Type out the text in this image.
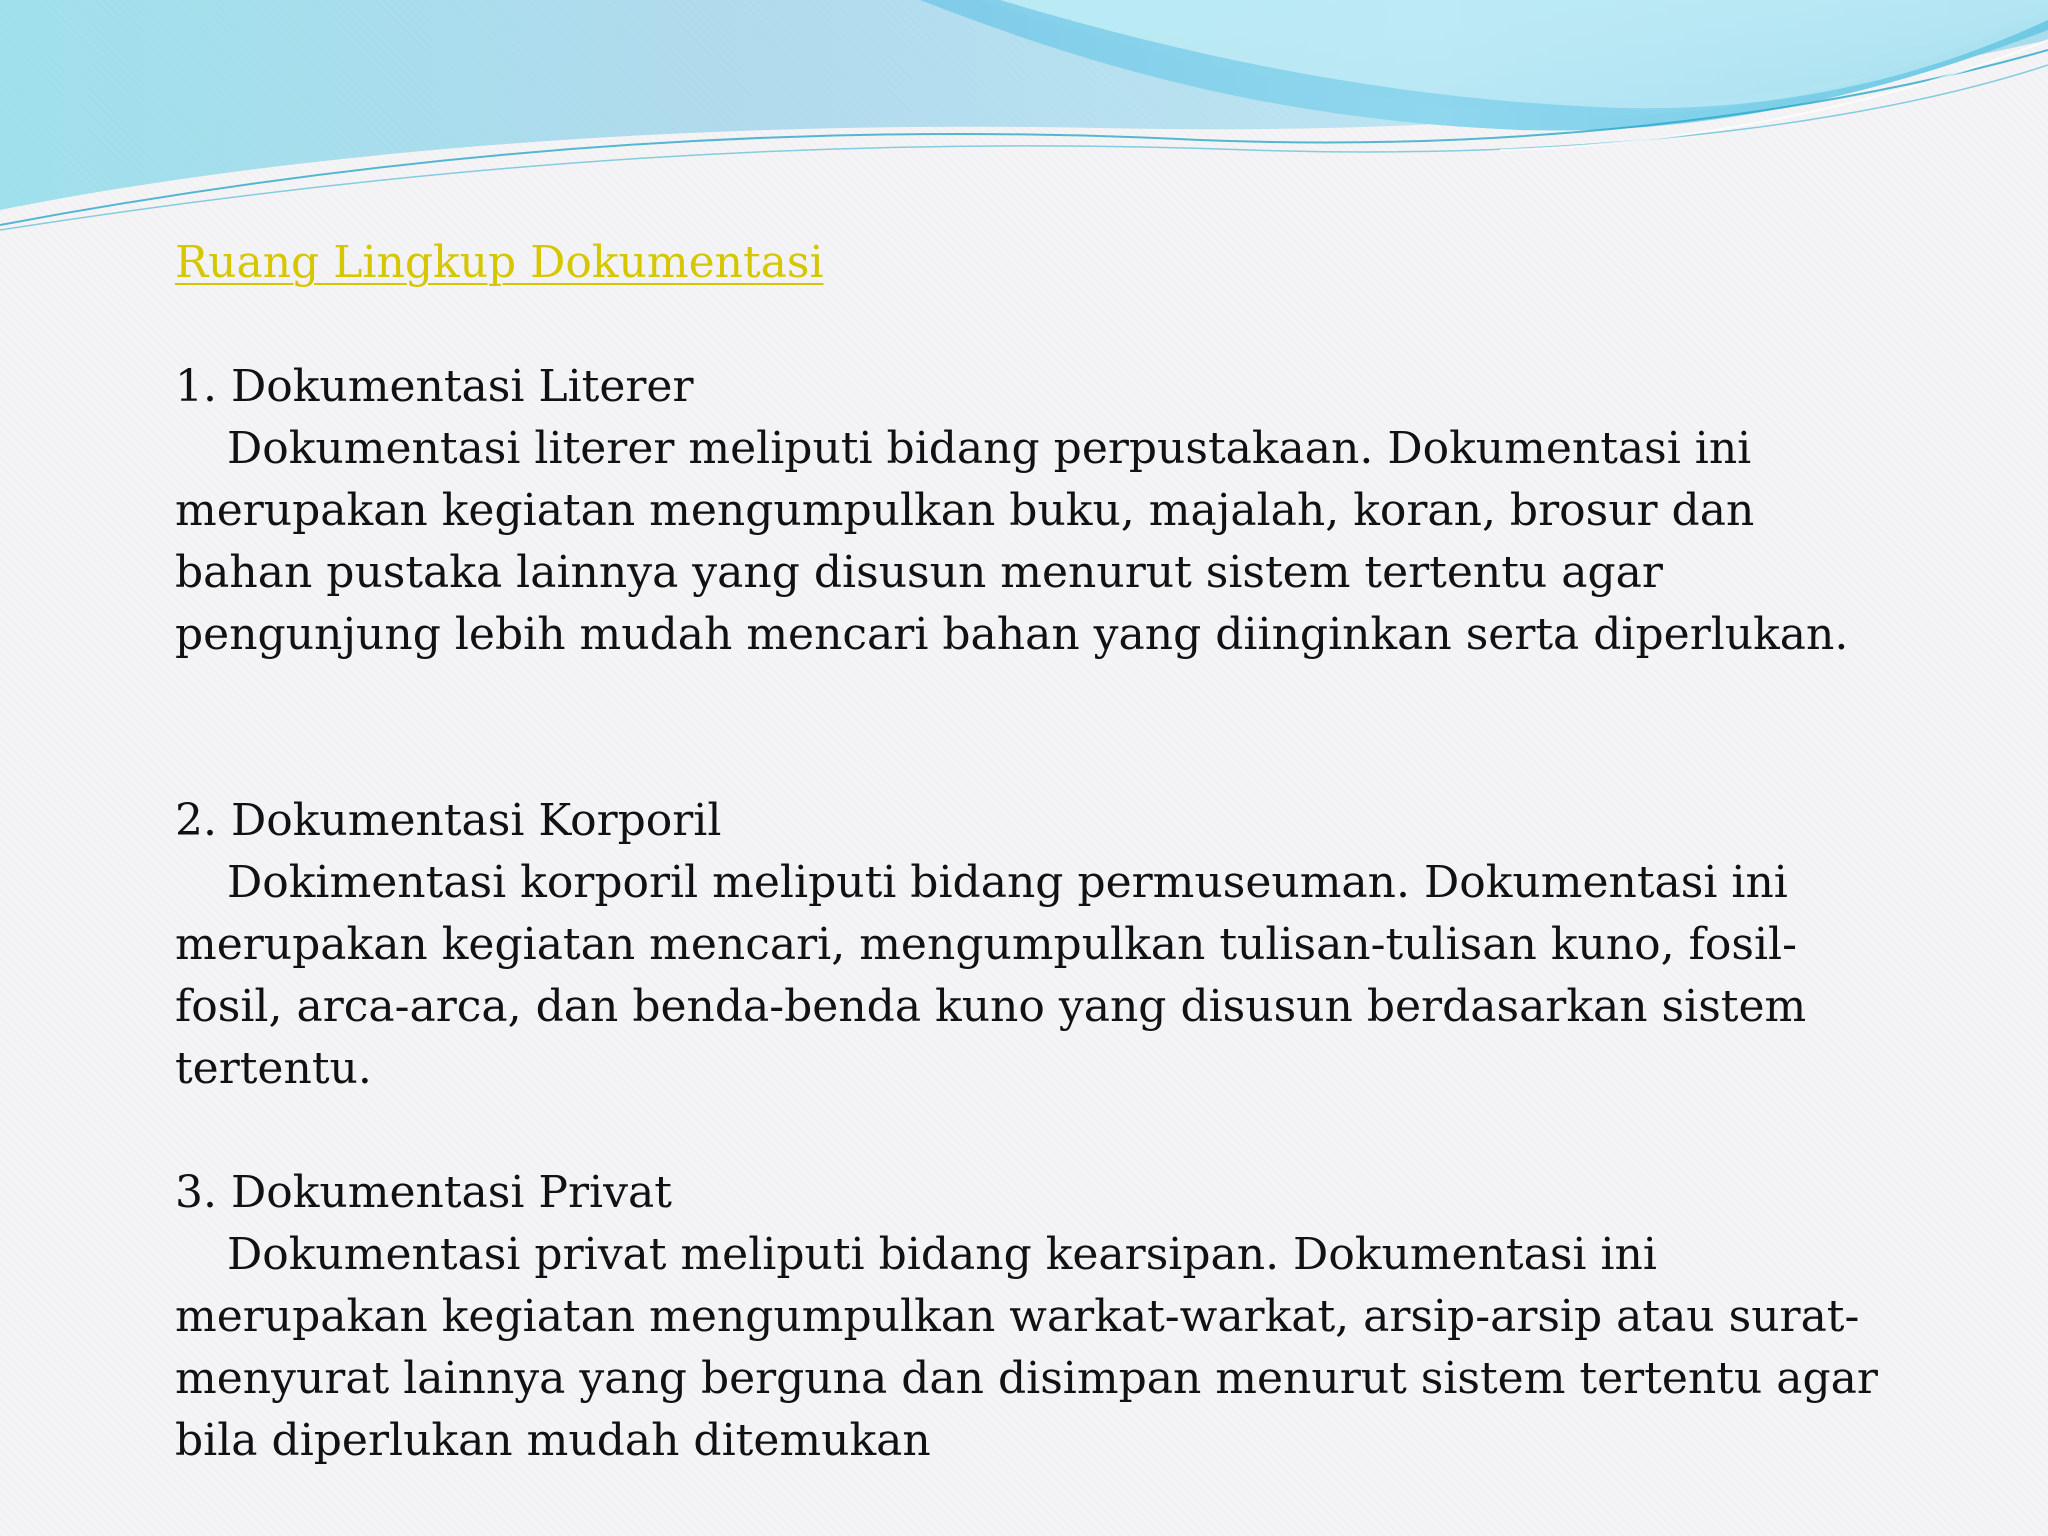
Ruang Lingkup Dokumentasi
1. Dokumentasi Literer
Dokumentasi literer meliputi bidang perpustakaan. Dokumentasi ini merupakan kegiatan mengumpulkan buku, majalah, koran, brosur dan bahan pustaka lainnya yang disusun menurut sistem tertentu agar pengunjung lebih mudah mencari bahan yang diinginkan serta diperlukan.
2. Dokumentasi Korporil
Dokimentasi korporil meliputi bidang permuseuman. Dokumentasi ini merupakan kegiatan mencari, mengumpulkan tulisan-tulisan kuno, fosil-fosil, arca-arca, dan benda-benda kuno yang disusun berdasarkan sistem tertentu.
3. Dokumentasi Privat
Dokumentasi privat meliputi bidang kearsipan. Dokumentasi ini merupakan kegiatan mengumpulkan warkat-warkat, arsip-arsip atau surat-menyurat lainnya yang berguna dan disimpan menurut sistem tertentu agar bila diperlukan mudah ditemukan
